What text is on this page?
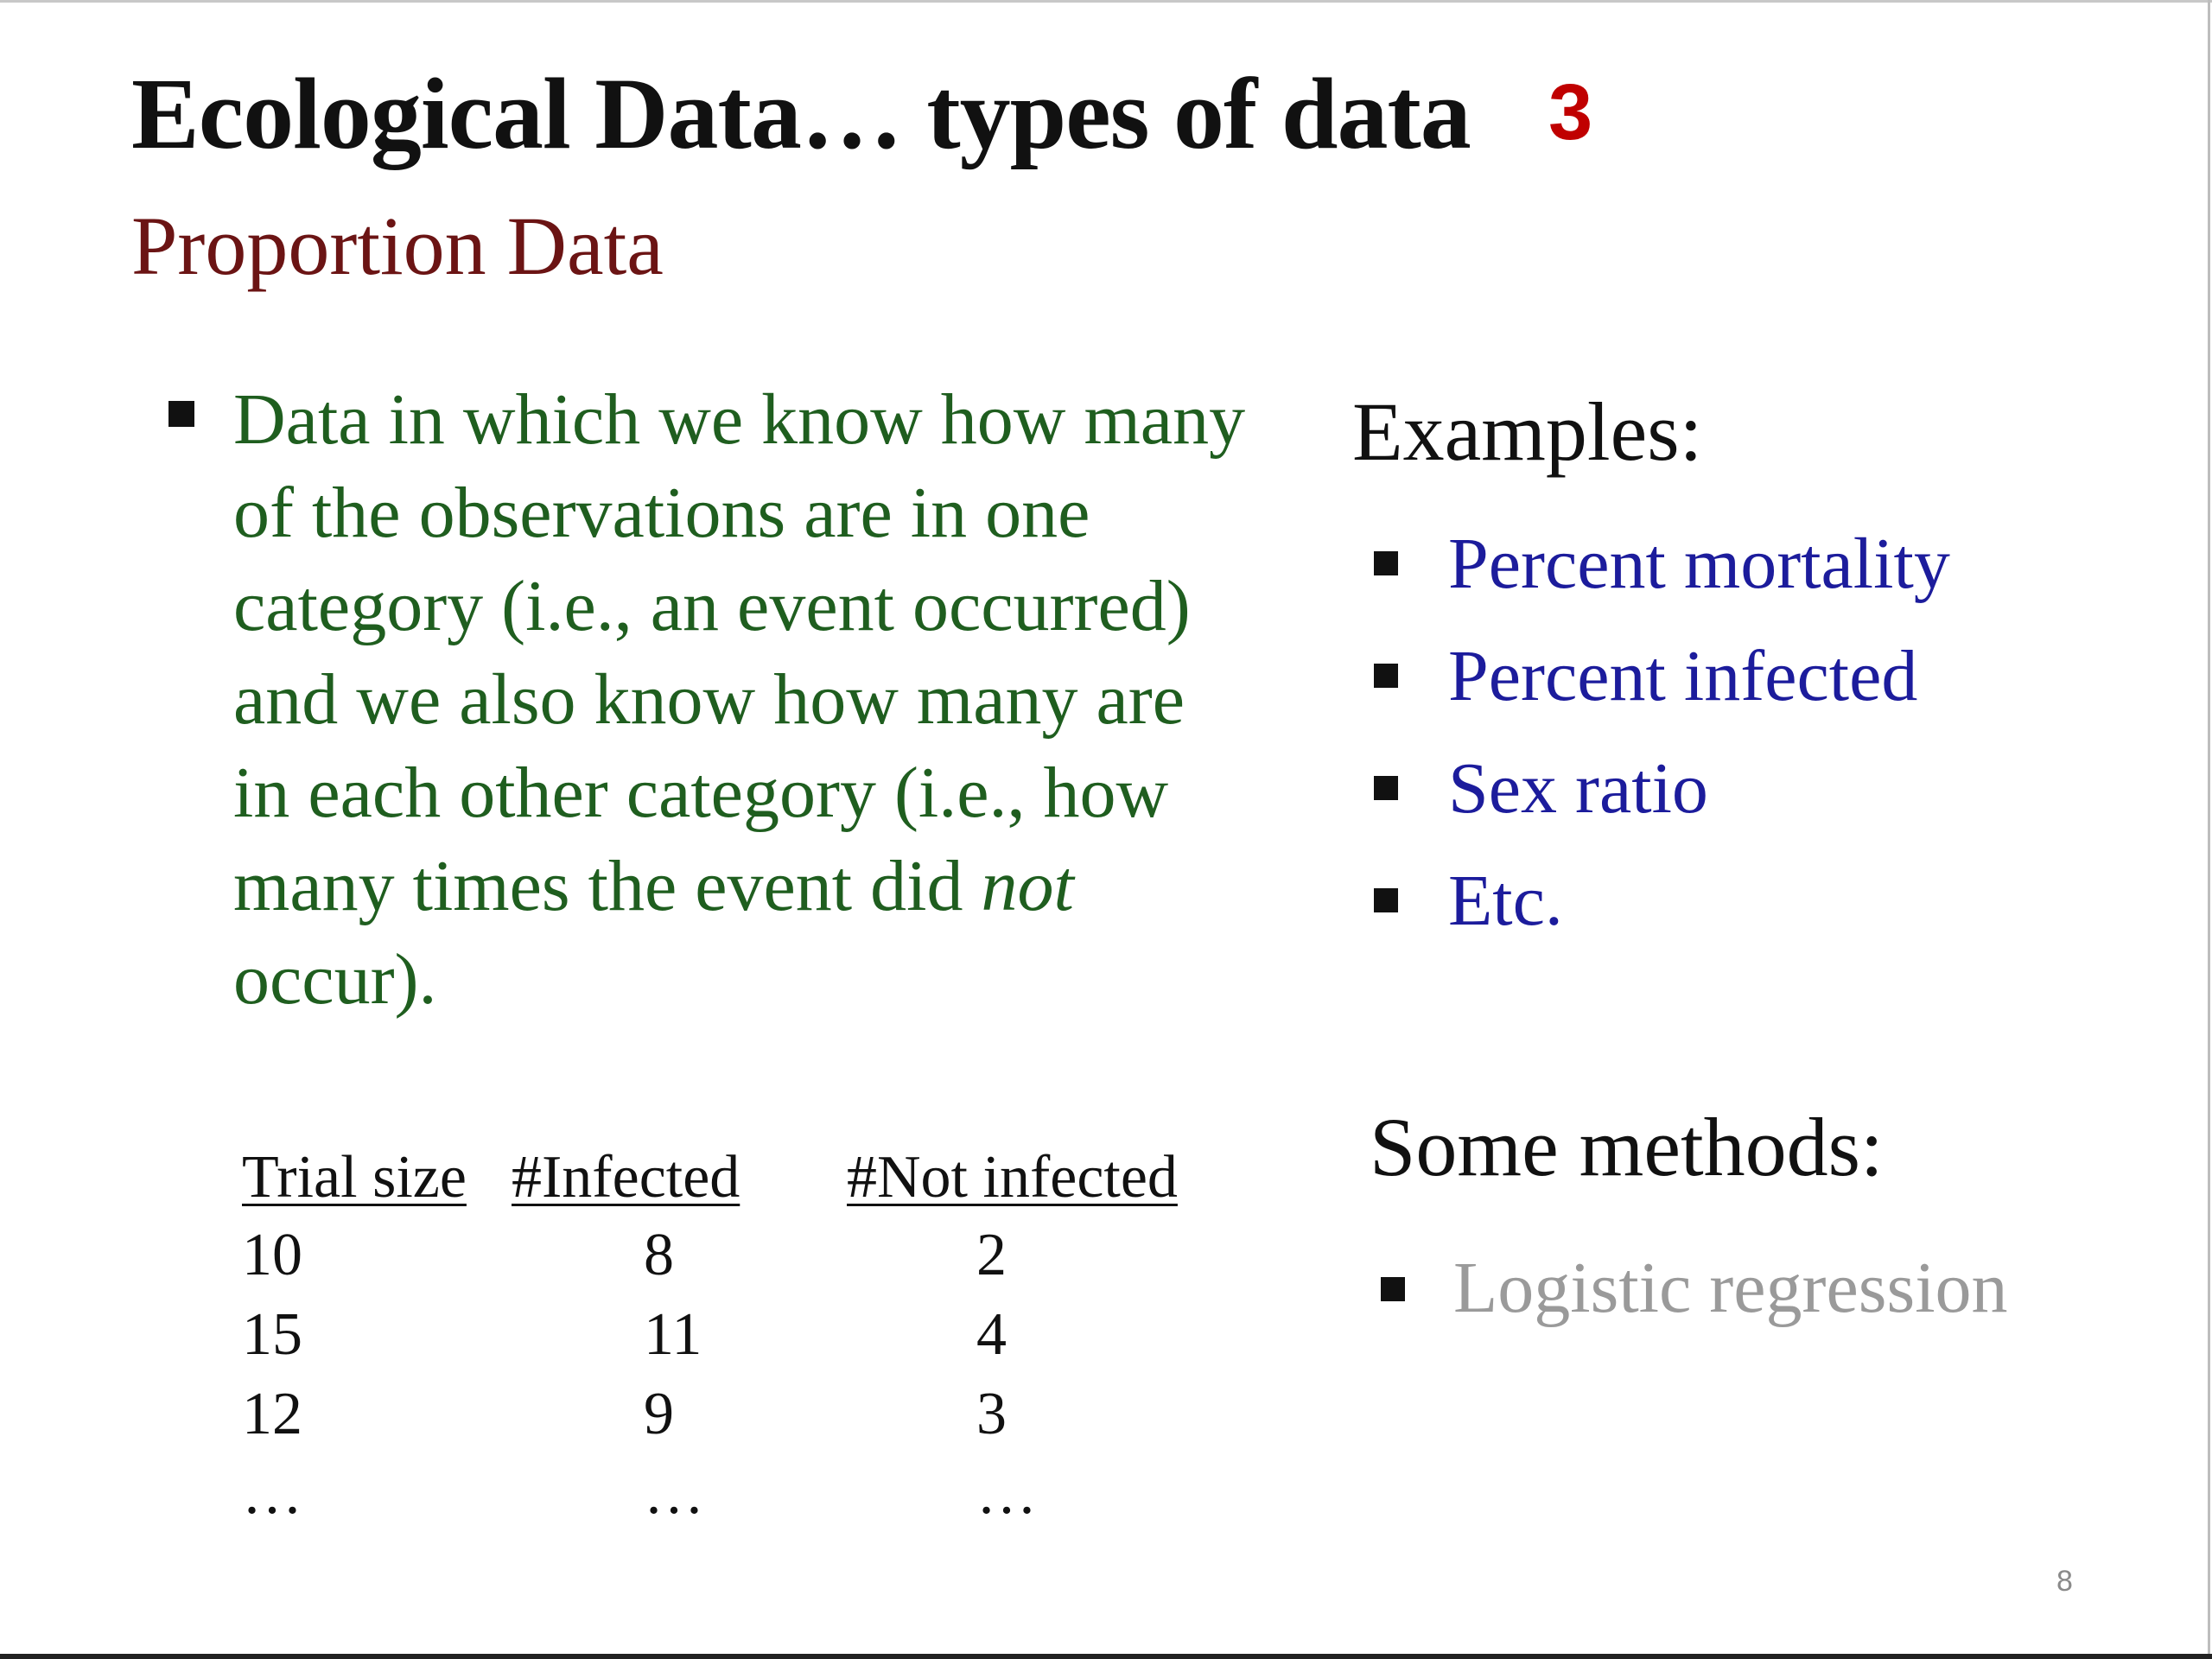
Ecological Data… types of data 3
Proportion Data
Data in which we know how many of the observations are in one category (i.e., an event occurred) and we also know how many are in each other category (i.e., how many times the event did not occur).
Examples:
Percent mortality
Percent infected
Sex ratio
Etc.
Some methods:
Logistic regression
Trial size #Infected #Not infected
10	8	2
15	11	4
12	9	3
…	…	…
8
